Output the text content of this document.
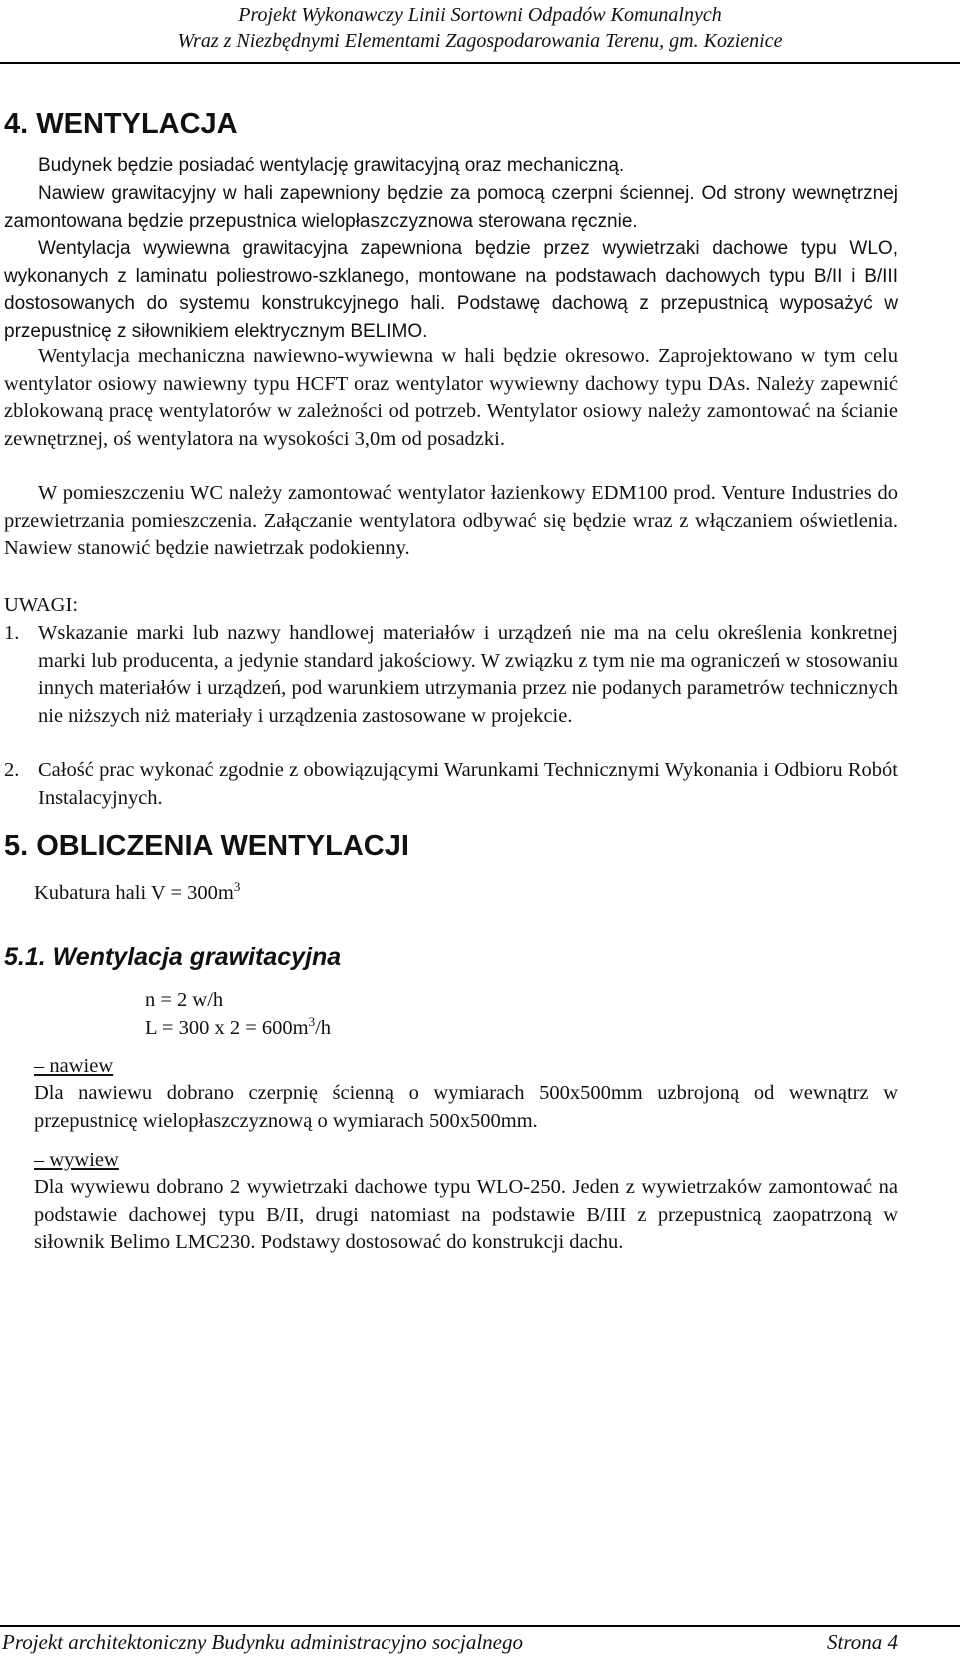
Projekt Wykonawczy Linii Sortowni Odpadów Komunalnych
Wraz z Niezbędnymi Elementami Zagospodarowania Terenu, gm. Kozienice
4. WENTYLACJA
Budynek będzie posiadać wentylację grawitacyjną oraz mechaniczną.
Nawiew grawitacyjny w hali zapewniony będzie za pomocą czerpni ściennej. Od strony wewnętrznej zamontowana będzie przepustnica wielopłaszczyznowa sterowana ręcznie.
Wentylacja wywiewna grawitacyjna zapewniona będzie przez wywietrzaki dachowe typu WLO, wykonanych z laminatu poliestrowo-szklanego, montowane na podstawach dachowych typu B/II i B/III dostosowanych do systemu konstrukcyjnego hali. Podstawę dachową z przepustnicą wyposażyć w przepustnicę z siłownikiem elektrycznym BELIMO.
Wentylacja mechaniczna nawiewno-wywiewna w hali będzie okresowo. Zaprojektowano w tym celu wentylator osiowy nawiewny typu HCFT oraz wentylator wywiewny dachowy typu DAs. Należy zapewnić zblokowaną pracę wentylatorów w zależności od potrzeb. Wentylator osiowy należy zamontować na ścianie zewnętrznej, oś wentylatora na wysokości 3,0m od posadzki.
W pomieszczeniu WC należy zamontować wentylator łazienkowy EDM100 prod. Venture Industries do przewietrzania pomieszczenia. Załączanie wentylatora odbywać się będzie wraz z włączaniem oświetlenia. Nawiew stanowić będzie nawietrzak podokienny.
UWAGI:
1. Wskazanie marki lub nazwy handlowej materiałów i urządzeń nie ma na celu określenia konkretnej marki lub producenta, a jedynie standard jakościowy. W związku z tym nie ma ograniczeń w stosowaniu innych materiałów i urządzeń, pod warunkiem utrzymania przez nie podanych parametrów technicznych nie niższych niż materiały i urządzenia zastosowane w projekcie.
2. Całość prac wykonać zgodnie z obowiązującymi Warunkami Technicznymi Wykonania i Odbioru Robót Instalacyjnych.
5. OBLICZENIA WENTYLACJI
Kubatura hali $V = 300m^3$
5.1. Wentylacja grawitacyjna
n = 2 w/h
L = 300 x $2 = 600m^3/h$
– nawiew
Dla nawiewu dobrano czerpnię ścienną o wymiarach 500x500mm uzbrojoną od wewnątrz w przepustnicę wielopłaszczyznową o wymiarach 500x500mm.
– wywiew
Dla wywiewu dobrano 2 wywietrzaki dachowe typu WLO-250. Jeden z wywietrzaków zamontować na podstawie dachowej typu B/II, drugi natomiast na podstawie B/III z przepustnicą zaopatrzoną w siłownik Belimo LMC230. Podstawy dostosować do konstrukcji dachu.
Projekt architektoniczny Budynku administracyjno socjalnego	Strona 4
